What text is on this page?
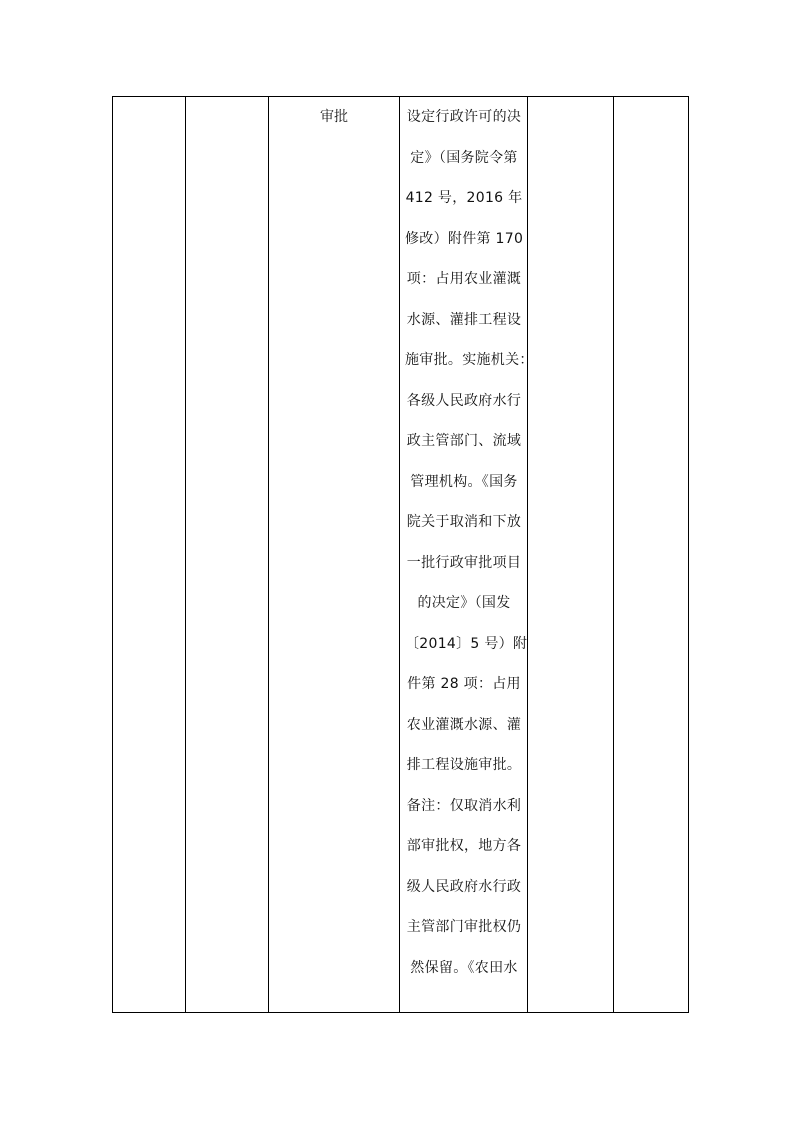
		审批	设定行政许可的决
定》（国务院令第
412 号，2016 年
修改）附件第 170
项：占用农业灌溉
水源、灌排工程设
施审批。实施机关：
各级人民政府水行
政主管部门、流域
管理机构。《国务
院关于取消和下放
一批行政审批项目
的决定》（国发
〔2014〕5 号）附
件第 28 项：占用
农业灌溉水源、灌
排工程设施审批。
备注：仅取消水利
部审批权，地方各
级人民政府水行政
主管部门审批权仍
然保留。《农田水
